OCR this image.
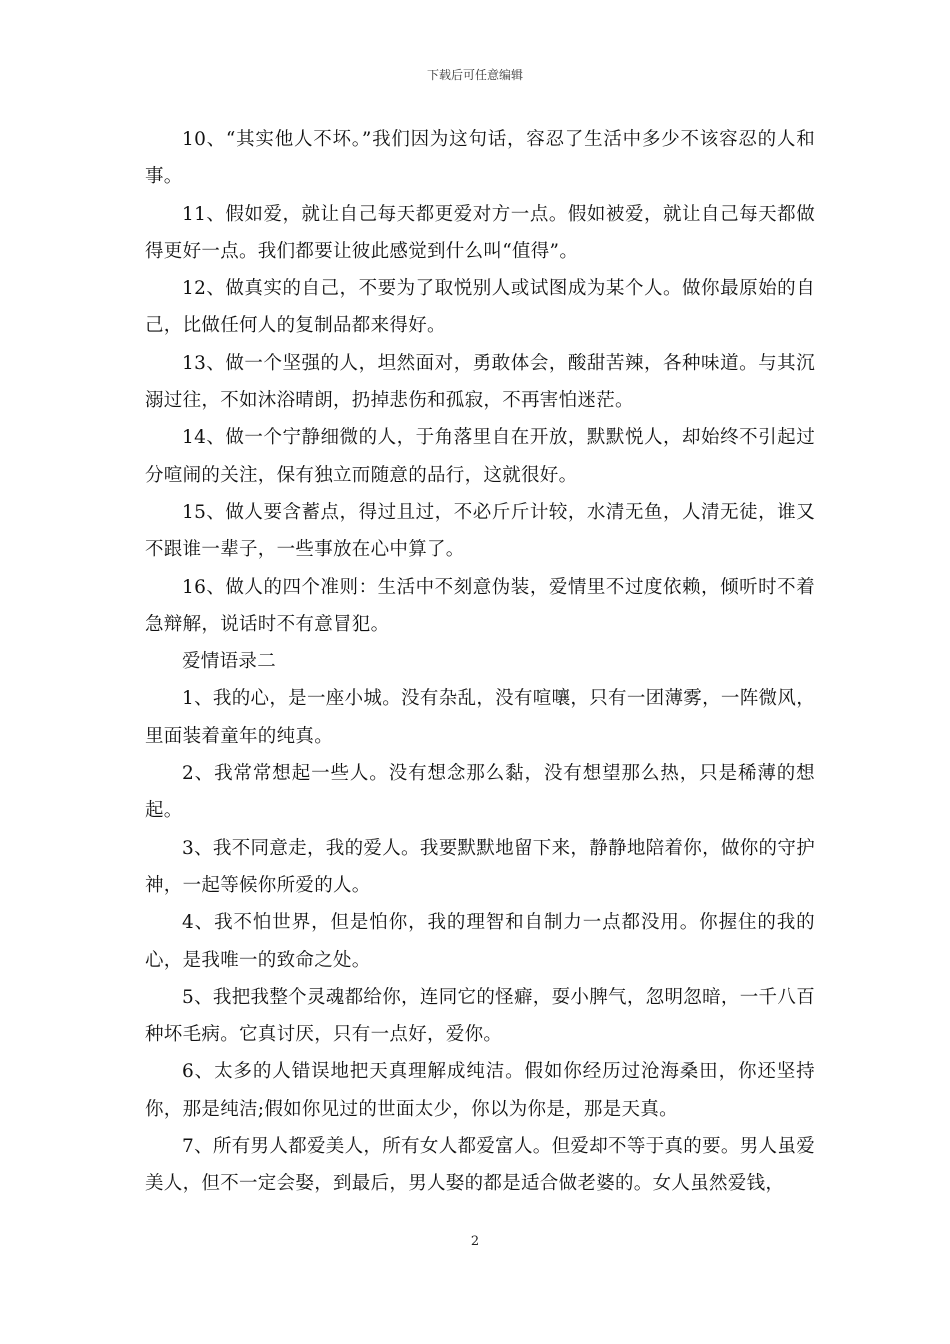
下载后可任意编辑

10、“其实他人不坏。”我们因为这句话，容忍了生活中多少不该容忍的人和事。

11、假如爱，就让自己每天都更爱对方一点。假如被爱，就让自己每天都做得更好一点。我们都要让彼此感觉到什么叫“值得”。

12、做真实的自己，不要为了取悦别人或试图成为某个人。做你最原始的自己，比做任何人的复制品都来得好。

13、做一个坚强的人，坦然面对，勇敢体会，酸甜苦辣，各种味道。与其沉溺过往，不如沐浴晴朗，扔掉悲伤和孤寂，不再害怕迷茫。

14、做一个宁静细微的人，于角落里自在开放，默默悦人，却始终不引起过分喧闹的关注，保有独立而随意的品行，这就很好。

15、做人要含蓄点，得过且过，不必斤斤计较，水清无鱼，人清无徒，谁又不跟谁一辈子，一些事放在心中算了。

16、做人的四个准则：生活中不刻意伪装，爱情里不过度依赖，倾听时不着急辩解，说话时不有意冒犯。

爱情语录二

1、我的心，是一座小城。没有杂乱，没有喧嚷，只有一团薄雾，一阵微风，里面装着童年的纯真。

2、我常常想起一些人。没有想念那么黏，没有想望那么热，只是稀薄的想起。

3、我不同意走，我的爱人。我要默默地留下来，静静地陪着你，做你的守护神，一起等候你所爱的人。

4、我不怕世界，但是怕你，我的理智和自制力一点都没用。你握住的我的心，是我唯一的致命之处。

5、我把我整个灵魂都给你，连同它的怪癖，耍小脾气，忽明忽暗，一千八百种坏毛病。它真讨厌，只有一点好，爱你。

6、太多的人错误地把天真理解成纯洁。假如你经历过沧海桑田，你还坚持你，那是纯洁;假如你见过的世面太少，你以为你是，那是天真。

7、所有男人都爱美人，所有女人都爱富人。但爱却不等于真的要。男人虽爱美人，但不一定会娶，到最后，男人娶的都是适合做老婆的。女人虽然爱钱，

2
